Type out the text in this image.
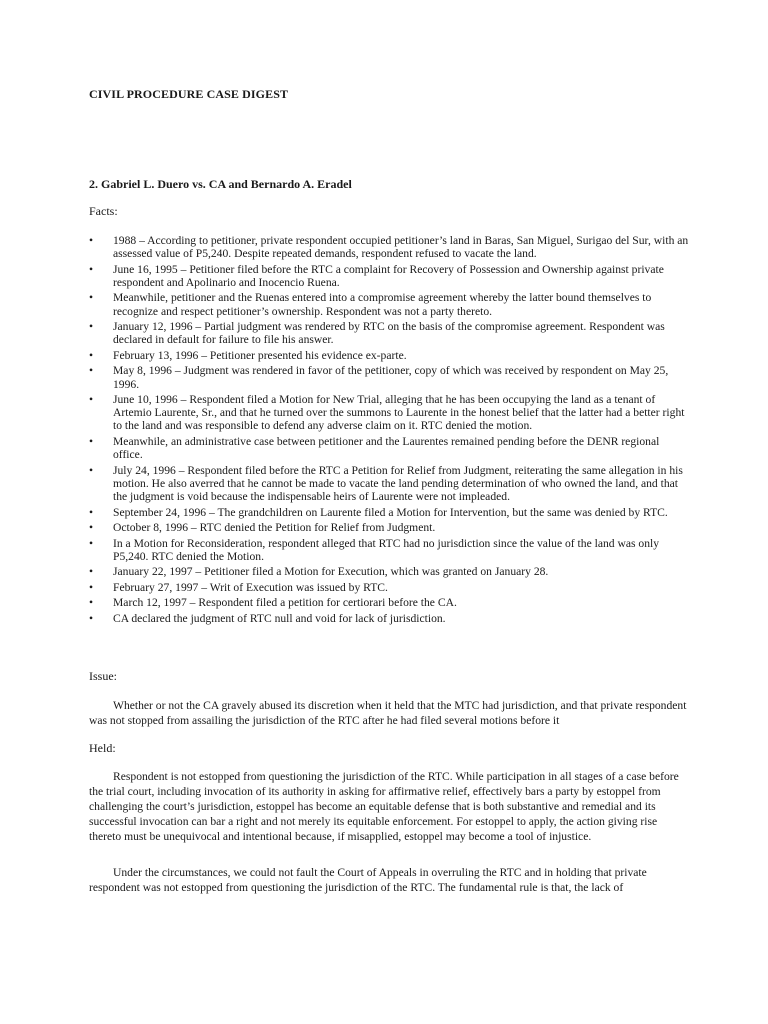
CIVIL PROCEDURE CASE DIGEST
2. Gabriel L. Duero vs. CA and Bernardo A. Eradel

Facts:

• 1988 – According to petitioner, private respondent occupied petitioner’s land in Baras, San Miguel, Surigao del Sur, with an assessed value of P5,240. Despite repeated demands, respondent refused to vacate the land.
• June 16, 1995 – Petitioner filed before the RTC a complaint for Recovery of Possession and Ownership against private respondent and Apolinario and Inocencio Ruena.
• Meanwhile, petitioner and the Ruenas entered into a compromise agreement whereby the latter bound themselves to recognize and respect petitioner’s ownership. Respondent was not a party thereto.
• January 12, 1996 – Partial judgment was rendered by RTC on the basis of the compromise agreement. Respondent was declared in default for failure to file his answer.
• February 13, 1996 – Petitioner presented his evidence ex-parte.
• May 8, 1996 – Judgment was rendered in favor of the petitioner, copy of which was received by respondent on May 25, 1996.
• June 10, 1996 – Respondent filed a Motion for New Trial, alleging that he has been occupying the land as a tenant of Artemio Laurente, Sr., and that he turned over the summons to Laurente in the honest belief that the latter had a better right to the land and was responsible to defend any adverse claim on it. RTC denied the motion.
• Meanwhile, an administrative case between petitioner and the Laurentes remained pending before the DENR regional office.
• July 24, 1996 – Respondent filed before the RTC a Petition for Relief from Judgment, reiterating the same allegation in his motion. He also averred that he cannot be made to vacate the land pending determination of who owned the land, and that the judgment is void because the indispensable heirs of Laurente were not impleaded.
• September 24, 1996 – The grandchildren on Laurente filed a Motion for Intervention, but the same was denied by RTC.
• October 8, 1996 – RTC denied the Petition for Relief from Judgment.
• In a Motion for Reconsideration, respondent alleged that RTC had no jurisdiction since the value of the land was only P5,240. RTC denied the Motion.
• January 22, 1997 – Petitioner filed a Motion for Execution, which was granted on January 28.
• February 27, 1997 – Writ of Execution was issued by RTC.
• March 12, 1997 – Respondent filed a petition for certiorari before the CA.
• CA declared the judgment of RTC null and void for lack of jurisdiction.

Issue:

Whether or not the CA gravely abused its discretion when it held that the MTC had jurisdiction, and that private respondent was not stopped from assailing the jurisdiction of the RTC after he had filed several motions before it

Held:

Respondent is not estopped from questioning the jurisdiction of the RTC. While participation in all stages of a case before the trial court, including invocation of its authority in asking for affirmative relief, effectively bars a party by estoppel from challenging the court’s jurisdiction, estoppel has become an equitable defense that is both substantive and remedial and its successful invocation can bar a right and not merely its equitable enforcement. For estoppel to apply, the action giving rise thereto must be unequivocal and intentional because, if misapplied, estoppel may become a tool of injustice.

Under the circumstances, we could not fault the Court of Appeals in overruling the RTC and in holding that private respondent was not estopped from questioning the jurisdiction of the RTC. The fundamental rule is that, the lack of
